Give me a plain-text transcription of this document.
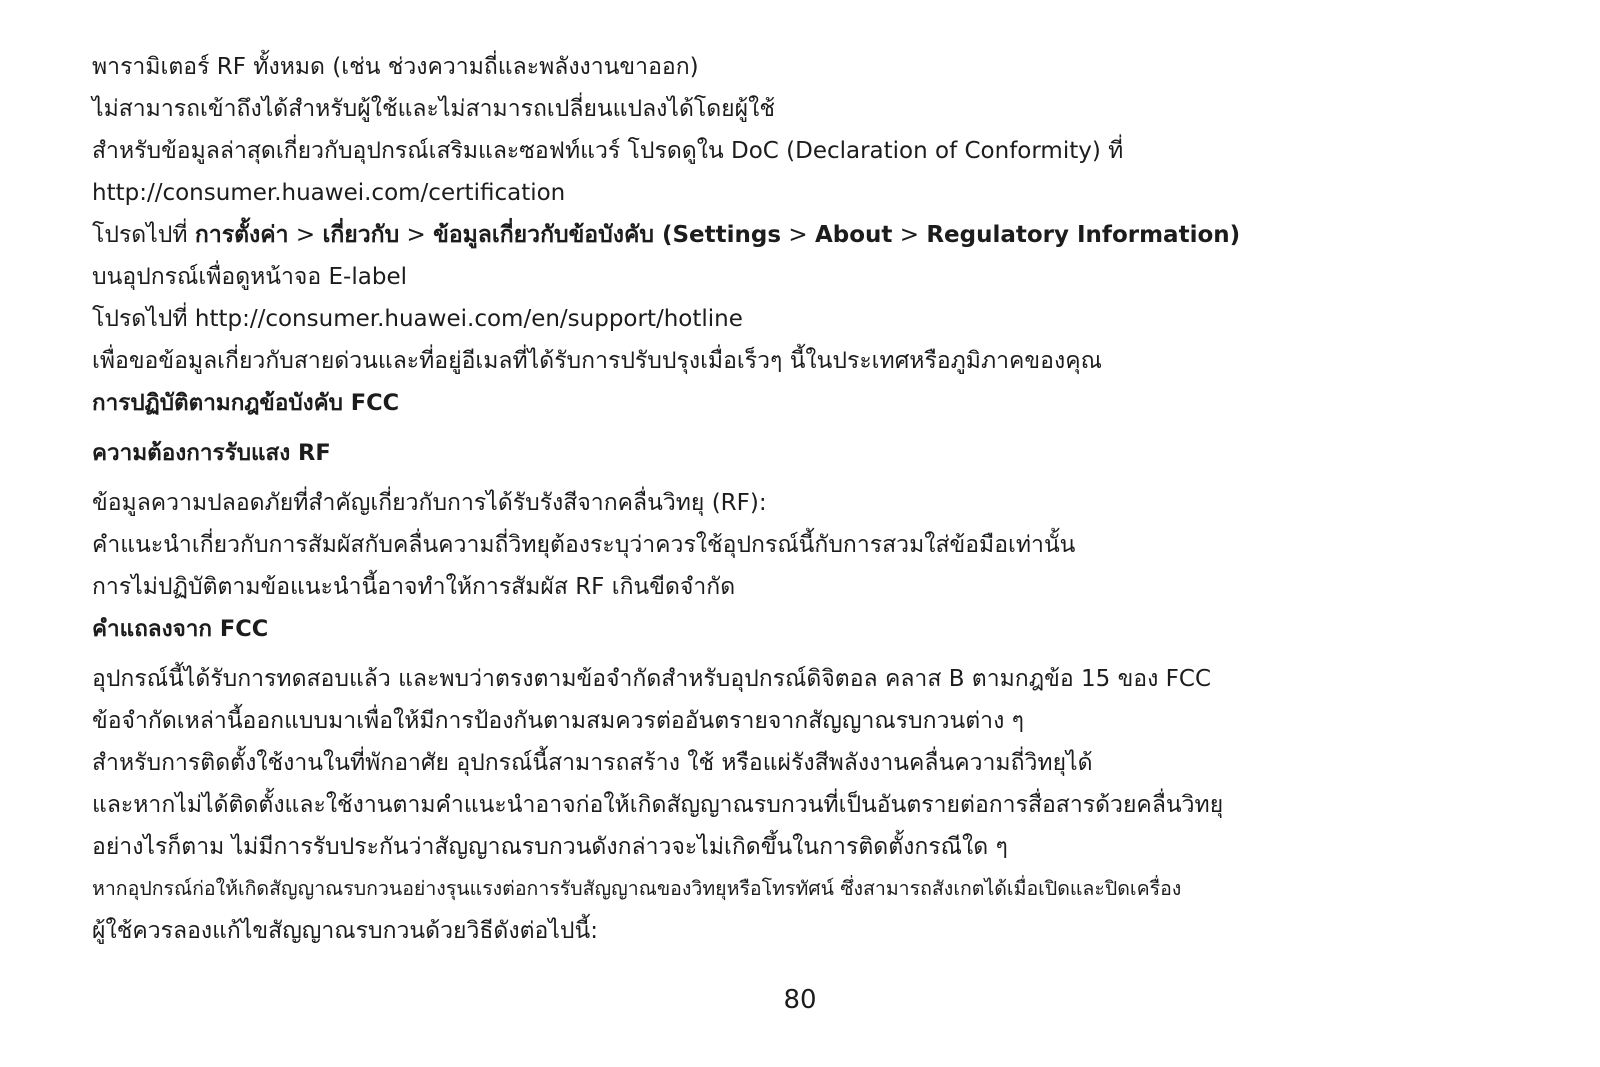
พารามิเตอร์ RF ทั้งหมด (เช่น ช่วงความถี่และพลังงานขาออก)
ไม่สามารถเข้าถึงได้สำหรับผู้ใช้และไม่สามารถเปลี่ยนแปลงได้โดยผู้ใช้
สำหรับข้อมูลล่าสุดเกี่ยวกับอุปกรณ์เสริมและซอฟท์แวร์ โปรดดูใน DoC (Declaration of Conformity) ที่
http://consumer.huawei.com/certification
โปรดไปที่ การตั้งค่า > เกี่ยวกับ > ข้อมูลเกี่ยวกับข้อบังคับ (Settings > About > Regulatory Information)
บนอุปกรณ์เพื่อดูหน้าจอ E-label
โปรดไปที่ http://consumer.huawei.com/en/support/hotline
เพื่อขอข้อมูลเกี่ยวกับสายด่วนและที่อยู่อีเมลที่ได้รับการปรับปรุงเมื่อเร็วๆ นี้ในประเทศหรือภูมิภาคของคุณ
การปฏิบัติตามกฎข้อบังคับ FCC
ความต้องการรับแสง RF
ข้อมูลความปลอดภัยที่สำคัญเกี่ยวกับการได้รับรังสีจากคลื่นวิทยุ (RF):
คำแนะนำเกี่ยวกับการสัมผัสกับคลื่นความถี่วิทยุต้องระบุว่าควรใช้อุปกรณ์นี้กับการสวมใส่ข้อมือเท่านั้น
การไม่ปฏิบัติตามข้อแนะนำนี้อาจทำให้การสัมผัส RF เกินขีดจำกัด
คำแถลงจาก FCC
อุปกรณ์นี้ได้รับการทดสอบแล้ว และพบว่าตรงตามข้อจำกัดสำหรับอุปกรณ์ดิจิตอล คลาส B ตามกฎข้อ 15 ของ FCC
ข้อจำกัดเหล่านี้ออกแบบมาเพื่อให้มีการป้องกันตามสมควรต่ออันตรายจากสัญญาณรบกวนต่าง ๆ
สำหรับการติดตั้งใช้งานในที่พักอาศัย อุปกรณ์นี้สามารถสร้าง ใช้ หรือแผ่รังสีพลังงานคลื่นความถี่วิทยุได้
และหากไม่ได้ติดตั้งและใช้งานตามคำแนะนำอาจก่อให้เกิดสัญญาณรบกวนที่เป็นอันตรายต่อการสื่อสารด้วยคลื่นวิทยุ
อย่างไรก็ตาม ไม่มีการรับประกันว่าสัญญาณรบกวนดังกล่าวจะไม่เกิดขึ้นในการติดตั้งกรณีใด ๆ
หากอุปกรณ์ก่อให้เกิดสัญญาณรบกวนอย่างรุนแรงต่อการรับสัญญาณของวิทยุหรือโทรทัศน์ ซึ่งสามารถสังเกตได้เมื่อเปิดและปิดเครื่อง
ผู้ใช้ควรลองแก้ไขสัญญาณรบกวนด้วยวิธีดังต่อไปนี้:
80
